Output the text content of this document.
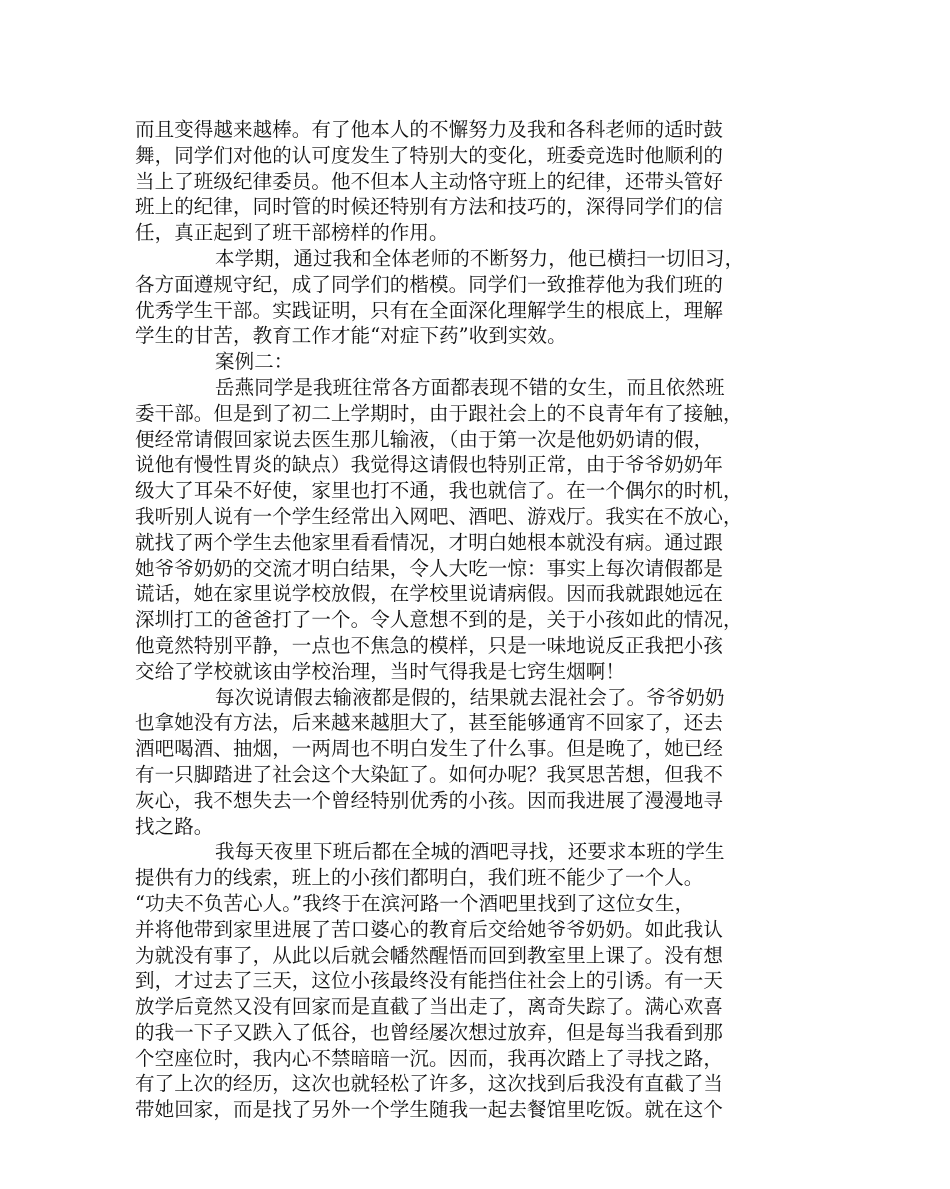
而且变得越来越棒。有了他本人的不懈努力及我和各科老师的适时鼓
舞，同学们对他的认可度发生了特别大的变化，班委竞选时他顺利的
当上了班级纪律委员。他不但本人主动恪守班上的纪律，还带头管好
班上的纪律，同时管的时候还特别有方法和技巧的，深得同学们的信
任，真正起到了班干部榜样的作用。
本学期，通过我和全体老师的不断努力，他已横扫一切旧习，
各方面遵规守纪，成了同学们的楷模。同学们一致推荐他为我们班的
优秀学生干部。实践证明，只有在全面深化理解学生的根底上，理解
学生的甘苦，教育工作才能“对症下药”收到实效。
案例二：
岳燕同学是我班往常各方面都表现不错的女生，而且依然班
委干部。但是到了初二上学期时，由于跟社会上的不良青年有了接触，
便经常请假回家说去医生那儿输液，（由于第一次是他奶奶请的假，
说他有慢性胃炎的缺点）我觉得这请假也特别正常，由于爷爷奶奶年
级大了耳朵不好使，家里也打不通，我也就信了。在一个偶尔的时机，
我听别人说有一个学生经常出入网吧、酒吧、游戏厅。我实在不放心，
就找了两个学生去他家里看看情况，才明白她根本就没有病。通过跟
她爷爷奶奶的交流才明白结果，令人大吃一惊：事实上每次请假都是
谎话，她在家里说学校放假，在学校里说请病假。因而我就跟她远在
深圳打工的爸爸打了一个。令人意想不到的是，关于小孩如此的情况，
他竟然特别平静，一点也不焦急的模样，只是一味地说反正我把小孩
交给了学校就该由学校治理，当时气得我是七窍生烟啊！
每次说请假去输液都是假的，结果就去混社会了。爷爷奶奶
也拿她没有方法，后来越来越胆大了，甚至能够通宵不回家了，还去
酒吧喝酒、抽烟，一两周也不明白发生了什么事。但是晚了，她已经
有一只脚踏进了社会这个大染缸了。如何办呢？我冥思苦想，但我不
灰心，我不想失去一个曾经特别优秀的小孩。因而我进展了漫漫地寻
找之路。
我每天夜里下班后都在全城的酒吧寻找，还要求本班的学生
提供有力的线索，班上的小孩们都明白，我们班不能少了一个人。
“功夫不负苦心人。”我终于在滨河路一个酒吧里找到了这位女生，
并将他带到家里进展了苦口婆心的教育后交给她爷爷奶奶。如此我认
为就没有事了，从此以后就会幡然醒悟而回到教室里上课了。没有想
到，才过去了三天，这位小孩最终没有能挡住社会上的引诱。有一天
放学后竟然又没有回家而是直截了当出走了，离奇失踪了。满心欢喜
的我一下子又跌入了低谷，也曾经屡次想过放弃，但是每当我看到那
个空座位时，我内心不禁暗暗一沉。因而，我再次踏上了寻找之路，
有了上次的经历，这次也就轻松了许多，这次找到后我没有直截了当
带她回家，而是找了另外一个学生随我一起去餐馆里吃饭。就在这个
